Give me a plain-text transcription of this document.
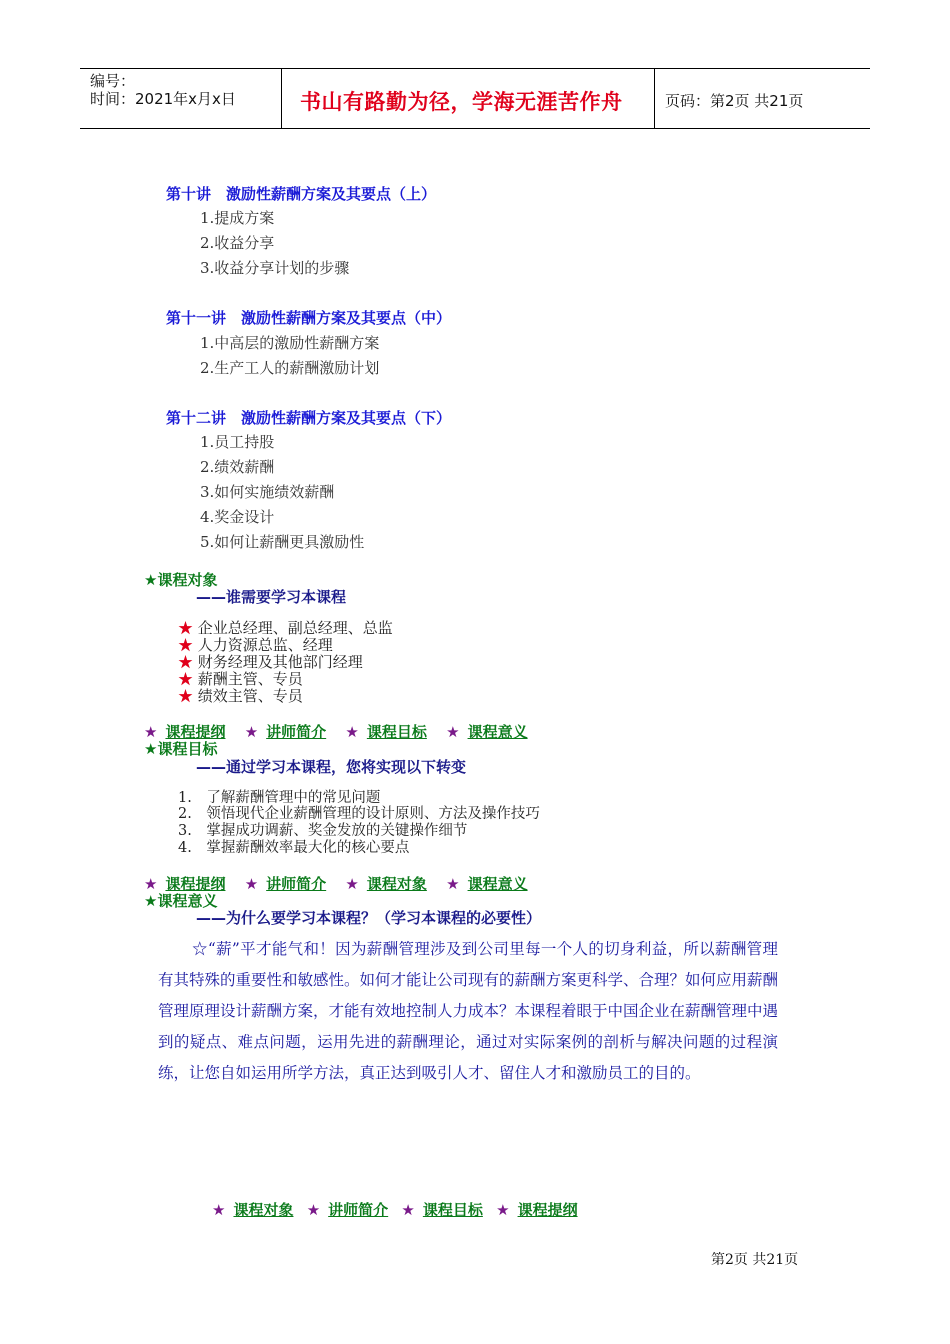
编号：
时间：2021年x月x日	书山有路勤为径，学海无涯苦作舟	页码：第2页 共21页
第十讲　激励性薪酬方案及其要点（上）
1.提成方案
2.收益分享
3.收益分享计划的步骤
第十一讲　激励性薪酬方案及其要点（中）
1.中高层的激励性薪酬方案
2.生产工人的薪酬激励计划
第十二讲　激励性薪酬方案及其要点（下）
1.员工持股
2.绩效薪酬
3.如何实施绩效薪酬
4.奖金设计
5.如何让薪酬更具激励性
★课程对象
——谁需要学习本课程
★ 企业总经理、副总经理、总监
★ 人力资源总监、经理
★ 财务经理及其他部门经理
★ 薪酬主管、专员
★ 绩效主管、专员
★ 课程提纲 ★ 讲师简介 ★ 课程目标 ★ 课程意义
★课程目标
——通过学习本课程，您将实现以下转变
1.　了解薪酬管理中的常见问题
2.　领悟现代企业薪酬管理的设计原则、方法及操作技巧
3.　掌握成功调薪、奖金发放的关键操作细节
4.　掌握薪酬效率最大化的核心要点
★ 课程提纲 ★ 讲师简介 ★ 课程对象 ★ 课程意义
★课程意义
——为什么要学习本课程？（学习本课程的必要性）
☆“薪”平才能气和！因为薪酬管理涉及到公司里每一个人的切身利益，所以薪酬管理有其特殊的重要性和敏感性。如何才能让公司现有的薪酬方案更科学、合理？如何应用薪酬管理原理设计薪酬方案，才能有效地控制人力成本？本课程着眼于中国企业在薪酬管理中遇到的疑点、难点问题，运用先进的薪酬理论，通过对实际案例的剖析与解决问题的过程演练，让您自如运用所学方法，真正达到吸引人才、留住人才和激励员工的目的。
★ 课程对象 ★ 讲师简介 ★ 课程目标 ★ 课程提纲
第2页 共21页
